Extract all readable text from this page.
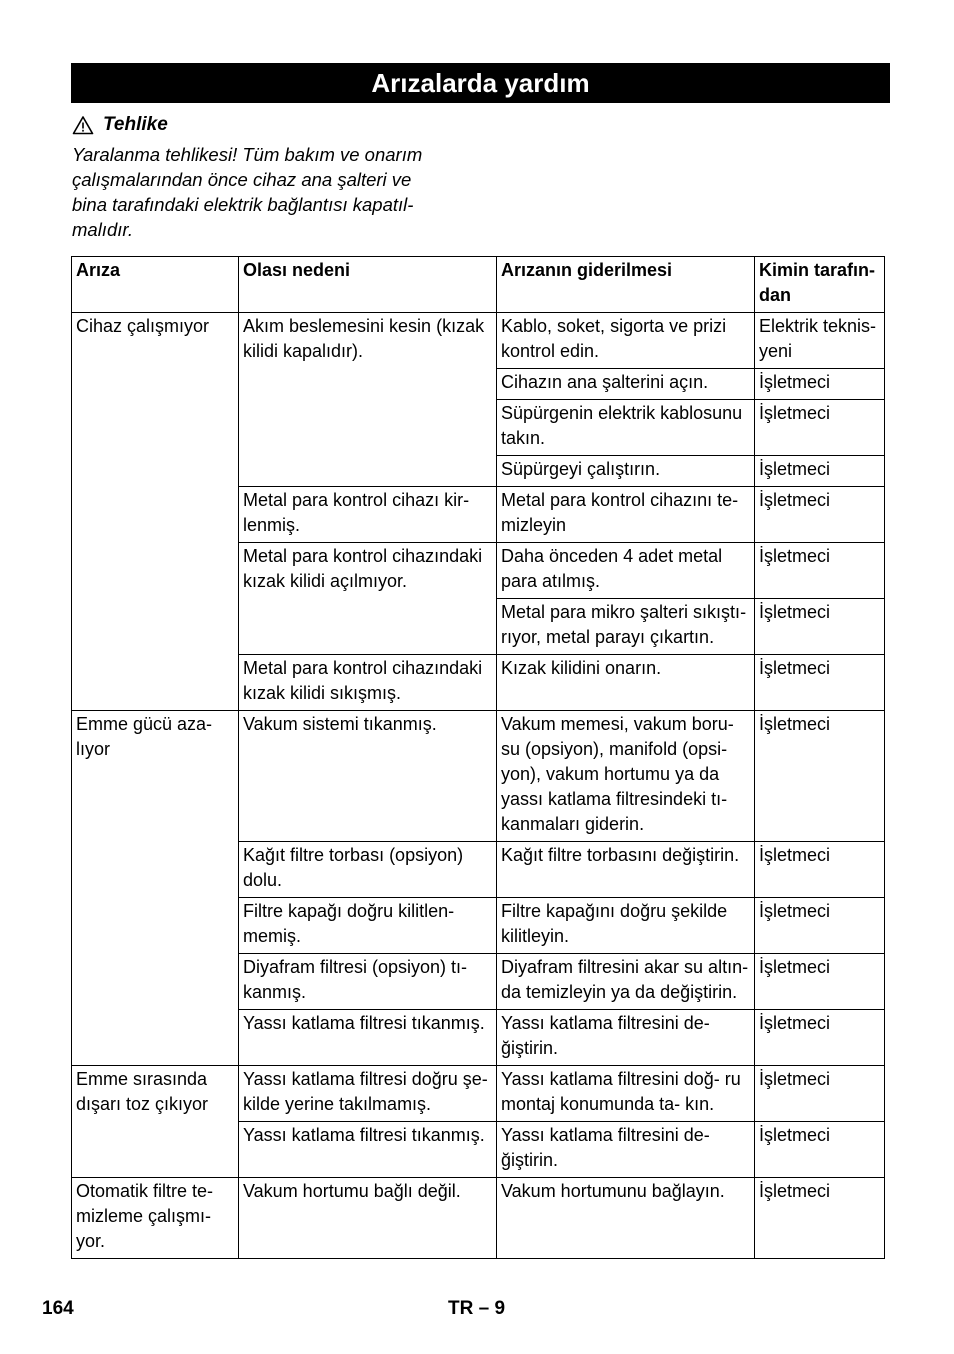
Arızalarda yardım
Tehlike
Yaralanma tehlikesi! Tüm bakım ve onarım
çalışmalarından önce cihaz ana şalteri ve
bina tarafındaki elektrik bağlantısı kapatıl-
malıdır.
Arıza	Olası nedeni	Arızanın giderilmesi	Kimin tarafın- dan
Cihaz çalışmıyor	Akım beslemesini kesin (kızak kilidi kapalıdır).	Kablo, soket, sigorta ve prizi kontrol edin.	Elektrik teknis- yeni
		Cihazın ana şalterini açın.	İşletmeci
		Süpürgenin elektrik kablosunu takın.	İşletmeci
		Süpürgeyi çalıştırın.	İşletmeci
	Metal para kontrol cihazı kir- lenmiş.	Metal para kontrol cihazını te- mizleyin	İşletmeci
	Metal para kontrol cihazındaki kızak kilidi açılmıyor.	Daha önceden 4 adet metal para atılmış.	İşletmeci
		Metal para mikro şalteri sıkıştı- rıyor, metal parayı çıkartın.	İşletmeci
	Metal para kontrol cihazındaki kızak kilidi sıkışmış.	Kızak kilidini onarın.	İşletmeci
Emme gücü aza- lıyor	Vakum sistemi tıkanmış.	Vakum memesi, vakum boru- su (opsiyon), manifold (opsi- yon), vakum hortumu ya da yassı katlama filtresindeki tı- kanmaları giderin.	İşletmeci
	Kağıt filtre torbası (opsiyon) dolu.	Kağıt filtre torbasını değiştirin.	İşletmeci
	Filtre kapağı doğru kilitlen- memiş.	Filtre kapağını doğru şekilde kilitleyin.	İşletmeci
	Diyafram filtresi (opsiyon) tı- kanmış.	Diyafram filtresini akar su altın- da temizleyin ya da değiştirin.	İşletmeci
	Yassı katlama filtresi tıkanmış.	Yassı katlama filtresini de- ğiştirin.	İşletmeci
Emme sırasında dışarı toz çıkıyor	Yassı katlama filtresi doğru şe- kilde yerine takılmamış.	Yassı katlama filtresini doğ- ru montaj konumunda ta- kın.	İşletmeci
	Yassı katlama filtresi tıkanmış.	Yassı katlama filtresini de- ğiştirin.	İşletmeci
Otomatik filtre te- mizleme çalışmı- yor.	Vakum hortumu bağlı değil.	Vakum hortumunu bağlayın.	İşletmeci
164	TR – 9
